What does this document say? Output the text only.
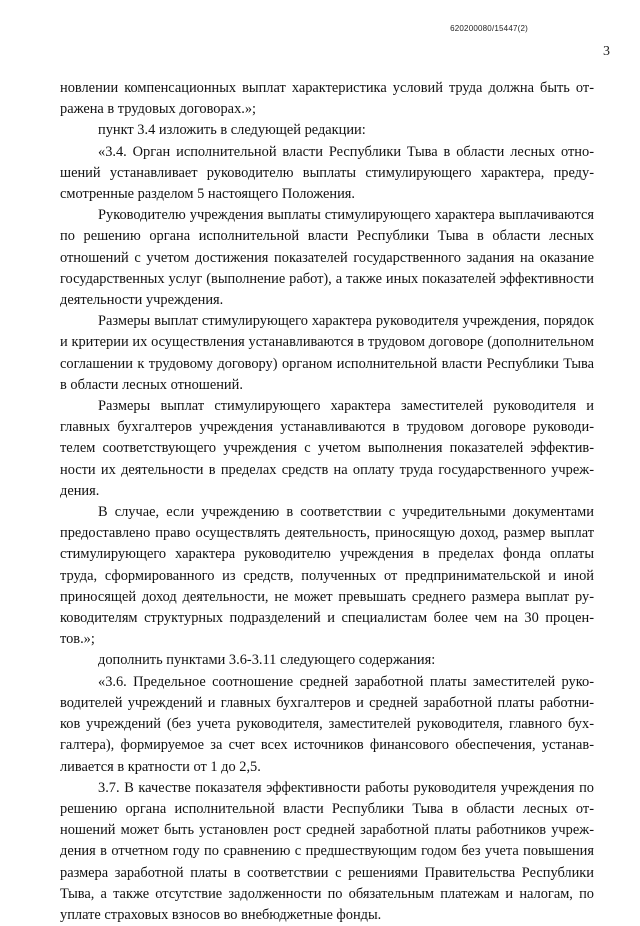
620200080/15447(2)
3

новлении компенсационных выплат характеристика условий труда должна быть отражена в трудовых договорах.»;

пункт 3.4 изложить в следующей редакции:

«3.4. Орган исполнительной власти Республики Тыва в области лесных отношений устанавливает руководителю выплаты стимулирующего характера, предусмотренные разделом 5 настоящего Положения.

Руководителю учреждения выплаты стимулирующего характера выплачиваются по решению органа исполнительной власти Республики Тыва в области лесных отношений с учетом достижения показателей государственного задания на оказание государственных услуг (выполнение работ), а также иных показателей эффективности деятельности учреждения.

Размеры выплат стимулирующего характера руководителя учреждения, порядок и критерии их осуществления устанавливаются в трудовом договоре (дополнительном соглашении к трудовому договору) органом исполнительной власти Республики Тыва в области лесных отношений.

Размеры выплат стимулирующего характера заместителей руководителя и главных бухгалтеров учреждения устанавливаются в трудовом договоре руководителем соответствующего учреждения с учетом выполнения показателей эффективности их деятельности в пределах средств на оплату труда государственного учреждения.

В случае, если учреждению в соответствии с учредительными документами предоставлено право осуществлять деятельность, приносящую доход, размер выплат стимулирующего характера руководителю учреждения в пределах фонда оплаты труда, сформированного из средств, полученных от предпринимательской и иной приносящей доход деятельности, не может превышать среднего размера выплат руководителям структурных подразделений и специалистам более чем на 30 процентов.»;

дополнить пунктами 3.6-3.11 следующего содержания:

«3.6. Предельное соотношение средней заработной платы заместителей руководителей учреждений и главных бухгалтеров и средней заработной платы работников учреждений (без учета руководителя, заместителей руководителя, главного бухгалтера), формируемое за счет всех источников финансового обеспечения, устанавливается в кратности от 1 до 2,5.

3.7. В качестве показателя эффективности работы руководителя учреждения по решению органа исполнительной власти Республики Тыва в области лесных отношений может быть установлен рост средней заработной платы работников учреждения в отчетном году по сравнению с предшествующим годом без учета повышения размера заработной платы в соответствии с решениями Правительства Республики Тыва, а также отсутствие задолженности по обязательным платежам и налогам, по уплате страховых взносов во внебюджетные фонды.
